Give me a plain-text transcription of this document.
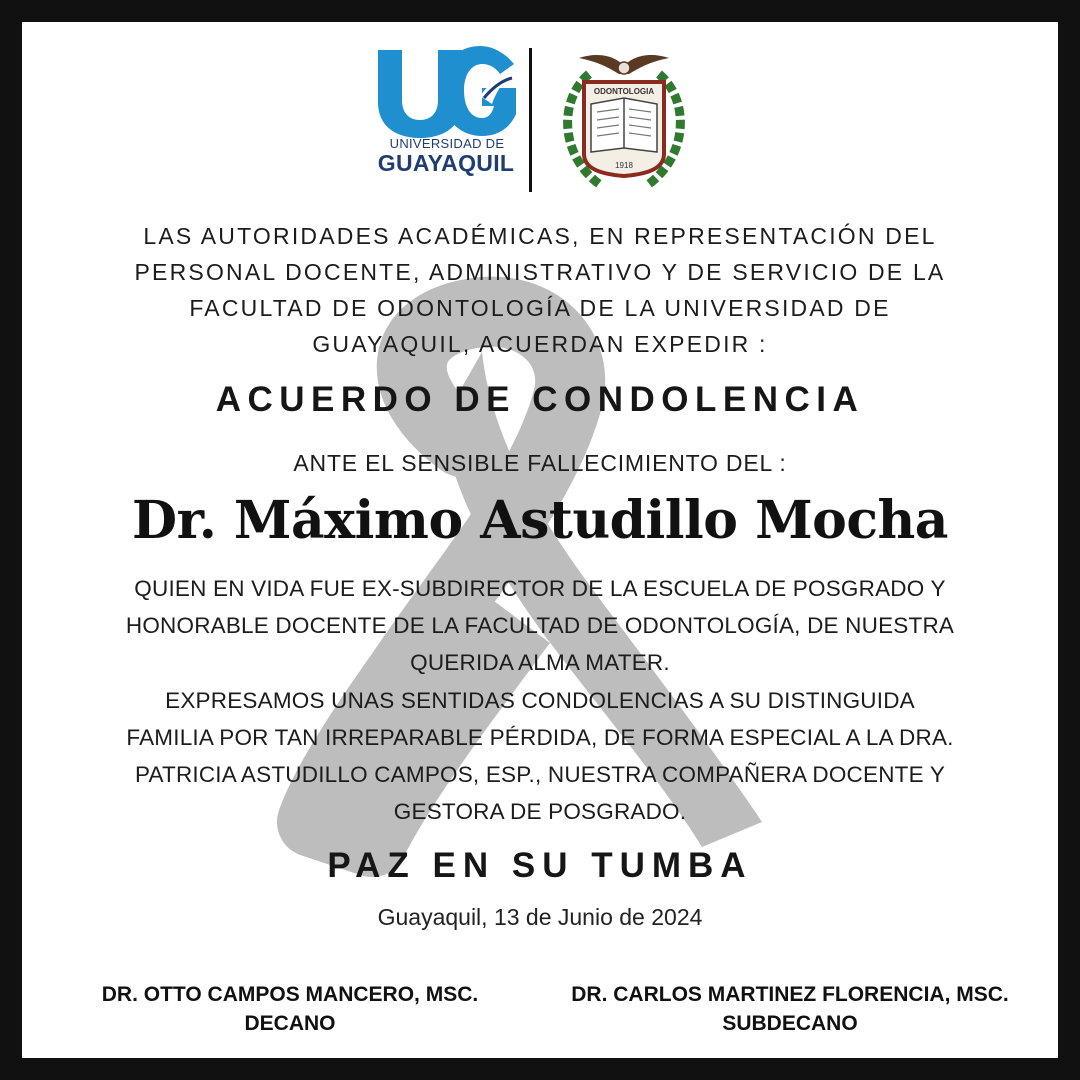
UNIVERSIDAD DE
GUAYAQUIL
ODONTOLOGIA
1918
LAS AUTORIDADES ACADÉMICAS, EN REPRESENTACIÓN DEL
PERSONAL DOCENTE, ADMINISTRATIVO Y DE SERVICIO DE LA
FACULTAD DE ODONTOLOGÍA DE LA UNIVERSIDAD DE
GUAYAQUIL, ACUERDAN EXPEDIR :
ACUERDO DE CONDOLENCIA
ANTE EL SENSIBLE FALLECIMIENTO DEL :
Dr. Máximo Astudillo Mocha
QUIEN EN VIDA FUE EX-SUBDIRECTOR DE LA ESCUELA DE POSGRADO Y
HONORABLE DOCENTE DE LA FACULTAD DE ODONTOLOGÍA, DE NUESTRA
QUERIDA ALMA MATER.
EXPRESAMOS UNAS SENTIDAS CONDOLENCIAS A SU DISTINGUIDA
FAMILIA POR TAN IRREPARABLE PÉRDIDA, DE FORMA ESPECIAL A LA DRA.
PATRICIA ASTUDILLO CAMPOS, ESP., NUESTRA COMPAÑERA DOCENTE Y
GESTORA DE POSGRADO.
PAZ EN SU TUMBA
Guayaquil, 13 de Junio de 2024
DR. OTTO CAMPOS MANCERO, MSC.
DECANO
DR. CARLOS MARTINEZ FLORENCIA, MSC.
SUBDECANO
